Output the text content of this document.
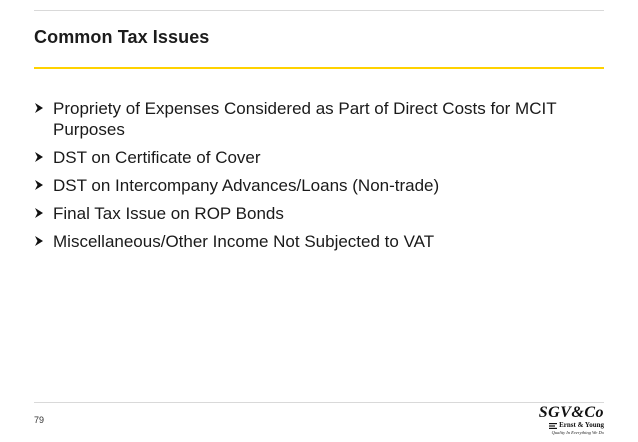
Common Tax Issues
Propriety of Expenses Considered as Part of Direct Costs for MCIT Purposes
DST on Certificate of Cover
DST on Intercompany Advances/Loans (Non-trade)
Final Tax Issue on ROP Bonds
Miscellaneous/Other Income Not Subjected to VAT
79	SGV&Co
Ernst & Young
Quality In Everything We Do
